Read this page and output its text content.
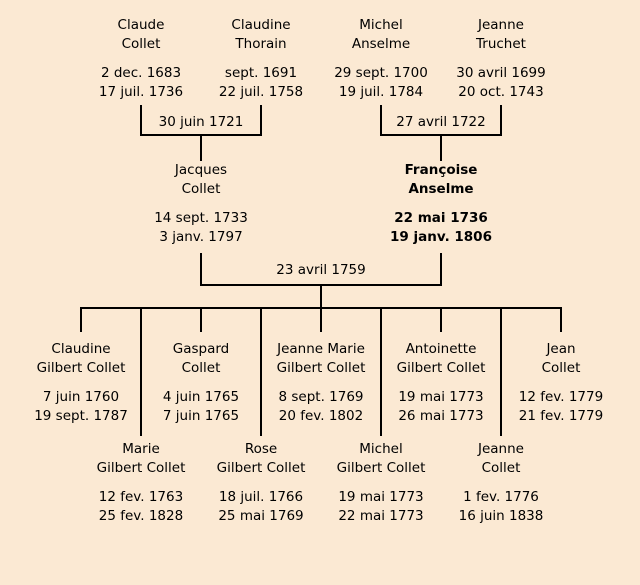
30 juin 1721	27 avril 1722
23 avril 1759
Claude
Collet
2 dec. 1683
17 juil. 1736
Claudine
Thorain
sept. 1691
22 juil. 1758
Michel
Anselme
29 sept. 1700
19 juil. 1784
Jeanne
Truchet
30 avril 1699
20 oct. 1743
Jacques
Collet
14 sept. 1733
3 janv. 1797
Françoise
Anselme
22 mai 1736
19 janv. 1806
Claudine
Gilbert Collet
7 juin 1760
19 sept. 1787
Gaspard
Collet
4 juin 1765
7 juin 1765
Jeanne Marie
Gilbert Collet
8 sept. 1769
20 fev. 1802
Antoinette
Gilbert Collet
19 mai 1773
26 mai 1773
Jean
Collet
12 fev. 1779
21 fev. 1779
Marie
Gilbert Collet
12 fev. 1763
25 fev. 1828
Rose
Gilbert Collet
18 juil. 1766
25 mai 1769
Michel
Gilbert Collet
19 mai 1773
22 mai 1773
Jeanne
Collet
1 fev. 1776
16 juin 1838
